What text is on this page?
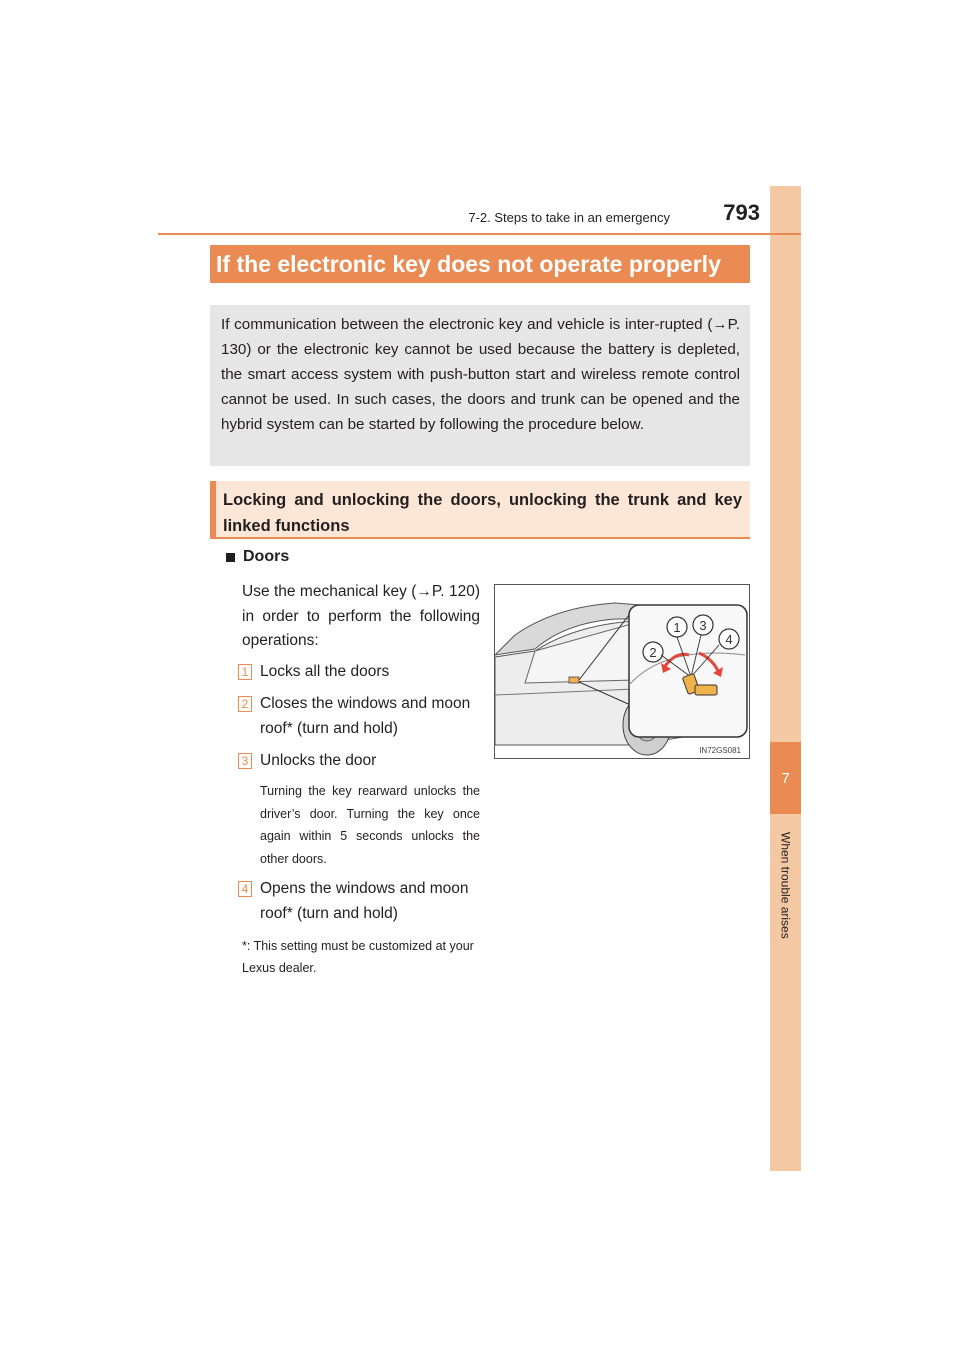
7
When trouble arises
7-2. Steps to take in an emergency	793
If the electronic key does not operate properly
If communication between the electronic key and vehicle is inter-rupted (→P. 130) or the electronic key cannot be used because the battery is depleted, the smart access system with push-button start and wireless remote control cannot be used. In such cases, the doors and trunk can be opened and the hybrid system can be started by following the procedure below.
Locking and unlocking the doors, unlocking the trunk and key linked functions
Doors
Use the mechanical key (→P. 120) in order to perform the following operations:
1 Locks all the doors
2 Closes the windows and moon roof* (turn and hold)
3 Unlocks the door
Turning the key rearward unlocks the driver’s door. Turning the key once again within 5 seconds unlocks the other doors.
4 Opens the windows and moon roof* (turn and hold)
*: This setting must be customized at your Lexus dealer.
1 3
2
4
IN72GS081
